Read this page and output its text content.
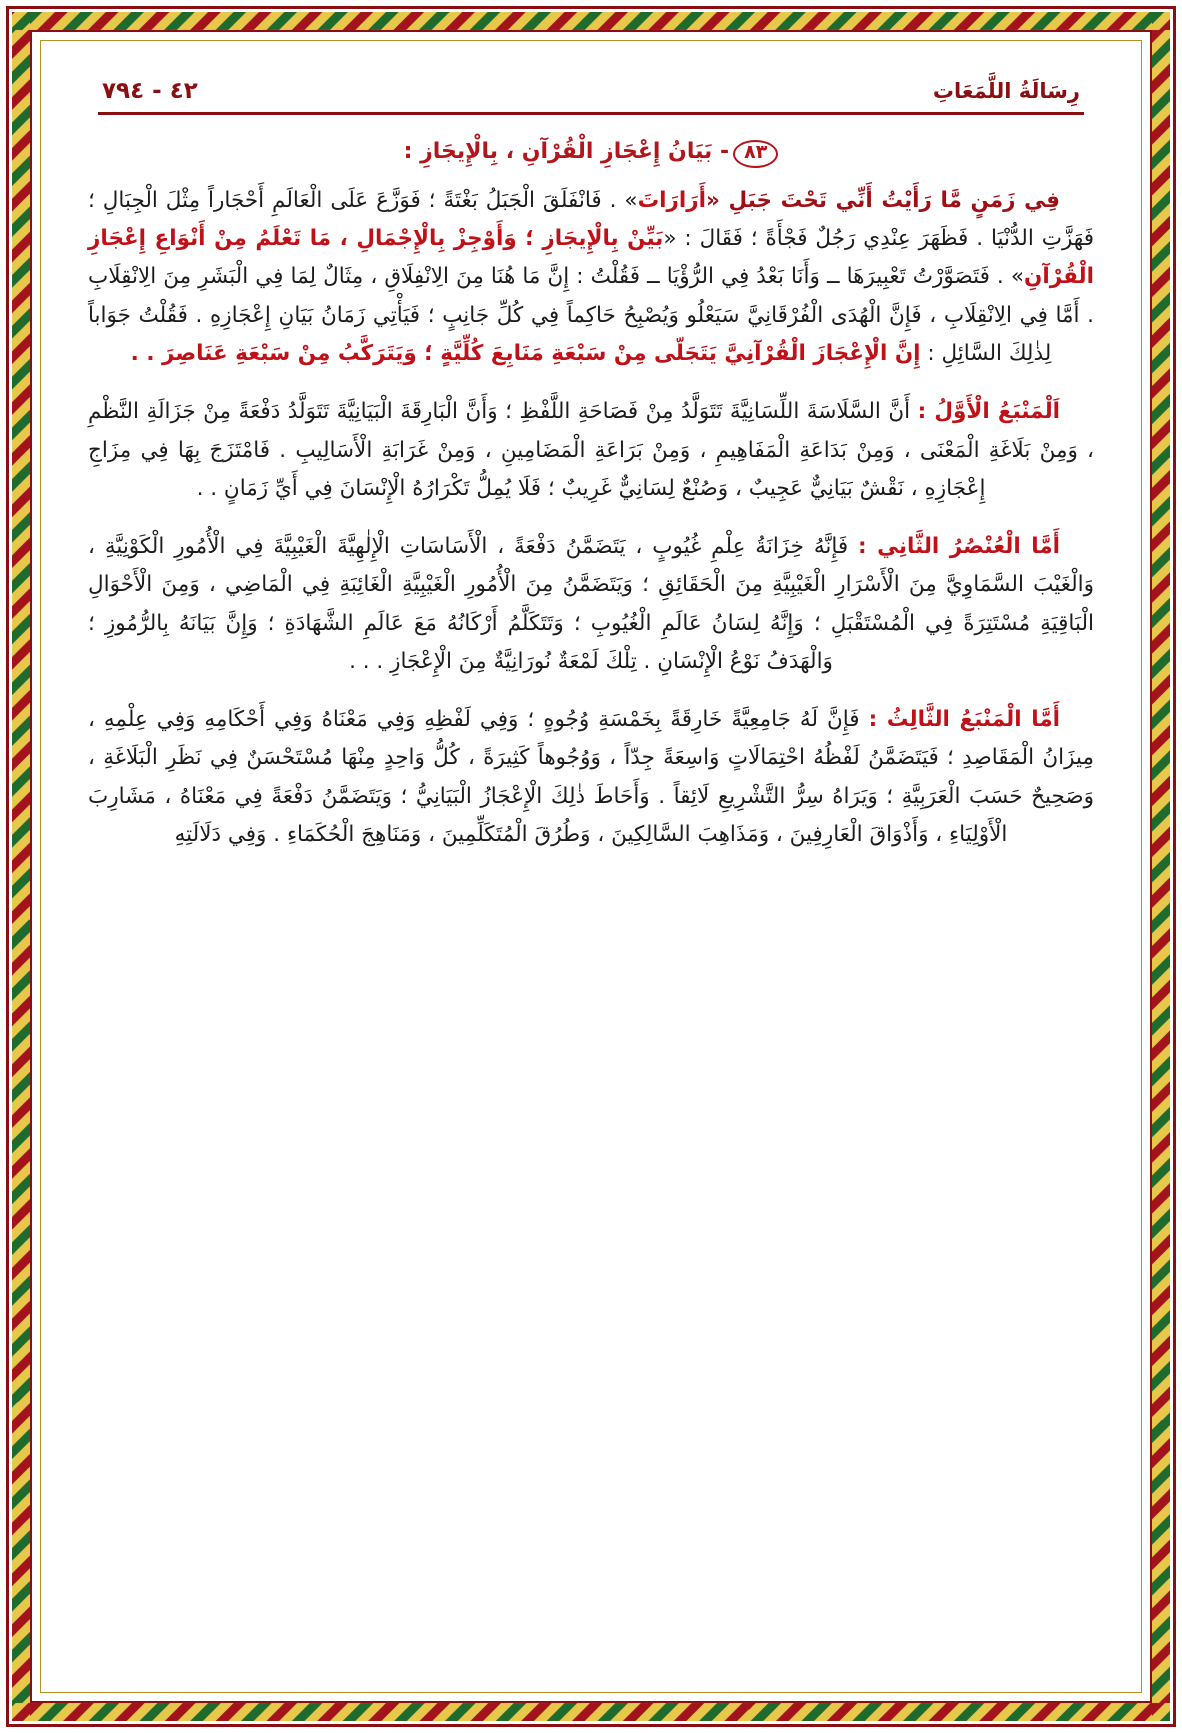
٤٢ - ٧٩٤	رِسَالَةُ اللَّمَعَاتِ
٨٣- بَيَانُ إِعْجَازِ الْقُرْآنِ ، بِالْإِيجَازِ :

فِي زَمَنٍ مَّا رَأَيْتُ أَنِّي تَحْتَ جَبَلِ «أَرَارَاتَ» . فَانْفَلَقَ الْجَبَلُ بَغْتَةً ؛ فَوَزَّعَ عَلَى الْعَالَمِ أَحْجَاراً مِثْلَ الْجِبَالِ ؛ فَهَزَّتِ الدُّنْيَا . فَظَهَرَ عِنْدِي رَجُلٌ فَجْأَةً ؛ فَقَالَ : «بَيِّنْ بِالْإِيجَازِ ؛ وَأَوْجِزْ بِالْإِجْمَالِ ، مَا تَعْلَمُ مِنْ أَنْوَاعِ إِعْجَازِ الْقُرْآنِ» . فَتَصَوَّرْتُ تَعْبِيرَهَا ــ وَأَنَا بَعْدُ فِي الرُّؤْيَا ــ فَقُلْتُ : إِنَّ مَا هُنَا مِنَ الِانْفِلَاقِ ، مِثَالٌ لِمَا فِي الْبَشَرِ مِنَ الِانْقِلَابِ . أَمَّا فِي الِانْقِلَابِ ، فَإِنَّ الْهُدَى الْفُرْقَانِيَّ سَيَعْلُو وَيُصْبِحُ حَاكِماً فِي كُلِّ جَانِبٍ ؛ فَيَأْتِي زَمَانُ بَيَانِ إِعْجَازِهِ . فَقُلْتُ جَوَاباً لِذٰلِكَ السَّائِلِ : إِنَّ الْإِعْجَازَ الْقُرْآنِيَّ يَتَجَلّى مِنْ سَبْعَةِ مَنَابِعَ كُلِّيَّةٍ ؛ وَيَتَرَكَّبُ مِنْ سَبْعَةِ عَنَاصِرَ . .

اَلْمَنْبَعُ الْأَوَّلُ : أَنَّ السَّلَاسَةَ اللِّسَانِيَّةَ تَتَوَلَّدُ مِنْ فَصَاحَةِ اللَّفْظِ ؛ وَأَنَّ الْبَارِقَةَ الْبَيَانِيَّةَ تَتَوَلَّدُ دَفْعَةً مِنْ جَزَالَةِ النَّظْمِ ، وَمِنْ بَلَاغَةِ الْمَعْنَى ، وَمِنْ بَدَاعَةِ الْمَفَاهِيمِ ، وَمِنْ بَرَاعَةِ الْمَضَامِينِ ، وَمِنْ غَرَابَةِ الْأَسَالِيبِ . فَامْتَزَجَ بِهَا فِي مِزَاجِ إِعْجَازِهِ ، نَقْشٌ بَيَانِيٌّ عَجِيبٌ ، وَصُنْعٌ لِسَانِيٌّ غَرِيبٌ ؛ فَلَا يُمِلُّ تَكْرَارُهُ الْإِنْسَانَ فِي أَيِّ زَمَانٍ . .

أَمَّا الْعُنْصُرُ الثَّانِي : فَإِنَّهُ خِزَانَةُ عِلْمِ غُيُوبٍ ، يَتَضَمَّنُ دَفْعَةً ، الْأَسَاسَاتِ الْإِلٰهِيَّةَ الْغَيْبِيَّةَ فِي الْأُمُورِ الْكَوْنِيَّةِ ، وَالْغَيْبَ السَّمَاوِيَّ مِنَ الْأَسْرَارِ الْغَيْبِيَّةِ مِنَ الْحَقَائِقِ ؛ وَيَتَضَمَّنُ مِنَ الْأُمُورِ الْغَيْبِيَّةِ الْغَائِبَةِ فِي الْمَاضِي ، وَمِنَ الْأَحْوَالِ الْبَاقِيَةِ مُسْتَتِرَةً فِي الْمُسْتَقْبَلِ ؛ وَإِنَّهُ لِسَانُ عَالَمِ الْغُيُوبِ ؛ وَتَتَكَلَّمُ أَرْكَانُهُ مَعَ عَالَمِ الشَّهَادَةِ ؛ وَإِنَّ بَيَانَهُ بِالرُّمُوزِ ؛ وَالْهَدَفُ نَوْعُ الْإِنْسَانِ . تِلْكَ لَمْعَةٌ نُورَانِيَّةٌ مِنَ الْإِعْجَازِ . . .

أَمَّا الْمَنْبَعُ الثَّالِثُ : فَإِنَّ لَهُ جَامِعِيَّةً خَارِقَةً بِخَمْسَةِ وُجُوهٍ ؛ وَفِي لَفْظِهِ وَفِي مَعْنَاهُ وَفِي أَحْكَامِهِ وَفِي عِلْمِهِ ، مِيزَانُ الْمَقَاصِدِ ؛ فَيَتَضَمَّنُ لَفْظُهُ احْتِمَالَاتٍ وَاسِعَةً جِدّاً ، وَوُجُوهاً كَثِيرَةً ، كُلُّ وَاحِدٍ مِنْهَا مُسْتَحْسَنٌ فِي نَظَرِ الْبَلَاغَةِ ، وَصَحِيحٌ حَسَبَ الْعَرَبِيَّةِ ؛ وَيَرَاهُ سِرُّ التَّشْرِيعِ لَائِقاً . وَأَحَاطَ ذٰلِكَ الْإِعْجَازُ الْبَيَانِيُّ ؛ وَيَتَضَمَّنُ دَفْعَةً فِي مَعْنَاهُ ، مَشَارِبَ الْأَوْلِيَاءِ ، وَأَذْوَاقَ الْعَارِفِينَ ، وَمَذَاهِبَ السَّالِكِينَ ، وَطُرُقَ الْمُتَكَلِّمِينَ ، وَمَنَاهِجَ الْحُكَمَاءِ . وَفِي دَلَالَتِهِ
